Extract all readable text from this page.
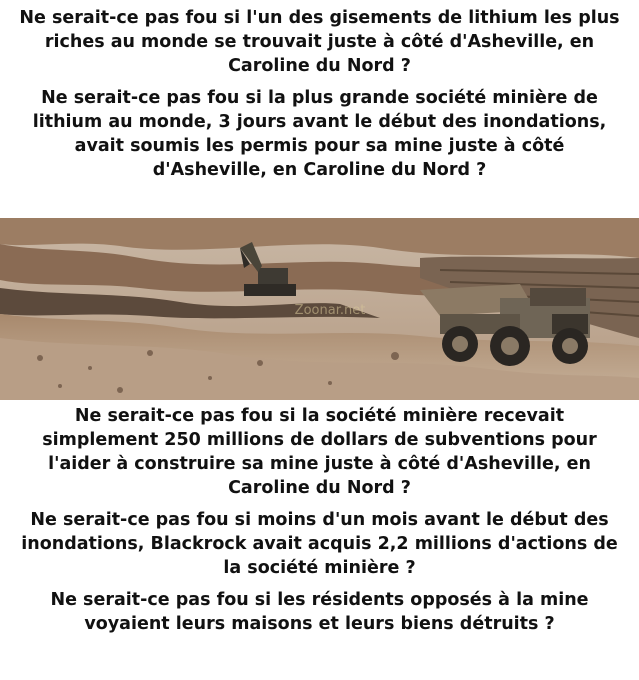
Ne serait-ce pas fou si l'un des gisements de lithium les plus
riches au monde se trouvait juste à côté d'Asheville, en
Caroline du Nord ?

Ne serait-ce pas fou si la plus grande société minière de
lithium au monde, 3 jours avant le début des inondations,
avait soumis les permis pour sa mine juste à côté
d'Asheville, en Caroline du Nord ?

Zoonar.net

Ne serait-ce pas fou si la société minière recevait
simplement 250 millions de dollars de subventions pour
l'aider à construire sa mine juste à côté d'Asheville, en
Caroline du Nord ?

Ne serait-ce pas fou si moins d'un mois avant le début des
inondations, Blackrock avait acquis 2,2 millions d'actions de
la société minière ?

Ne serait-ce pas fou si les résidents opposés à la mine
voyaient leurs maisons et leurs biens détruits ?
